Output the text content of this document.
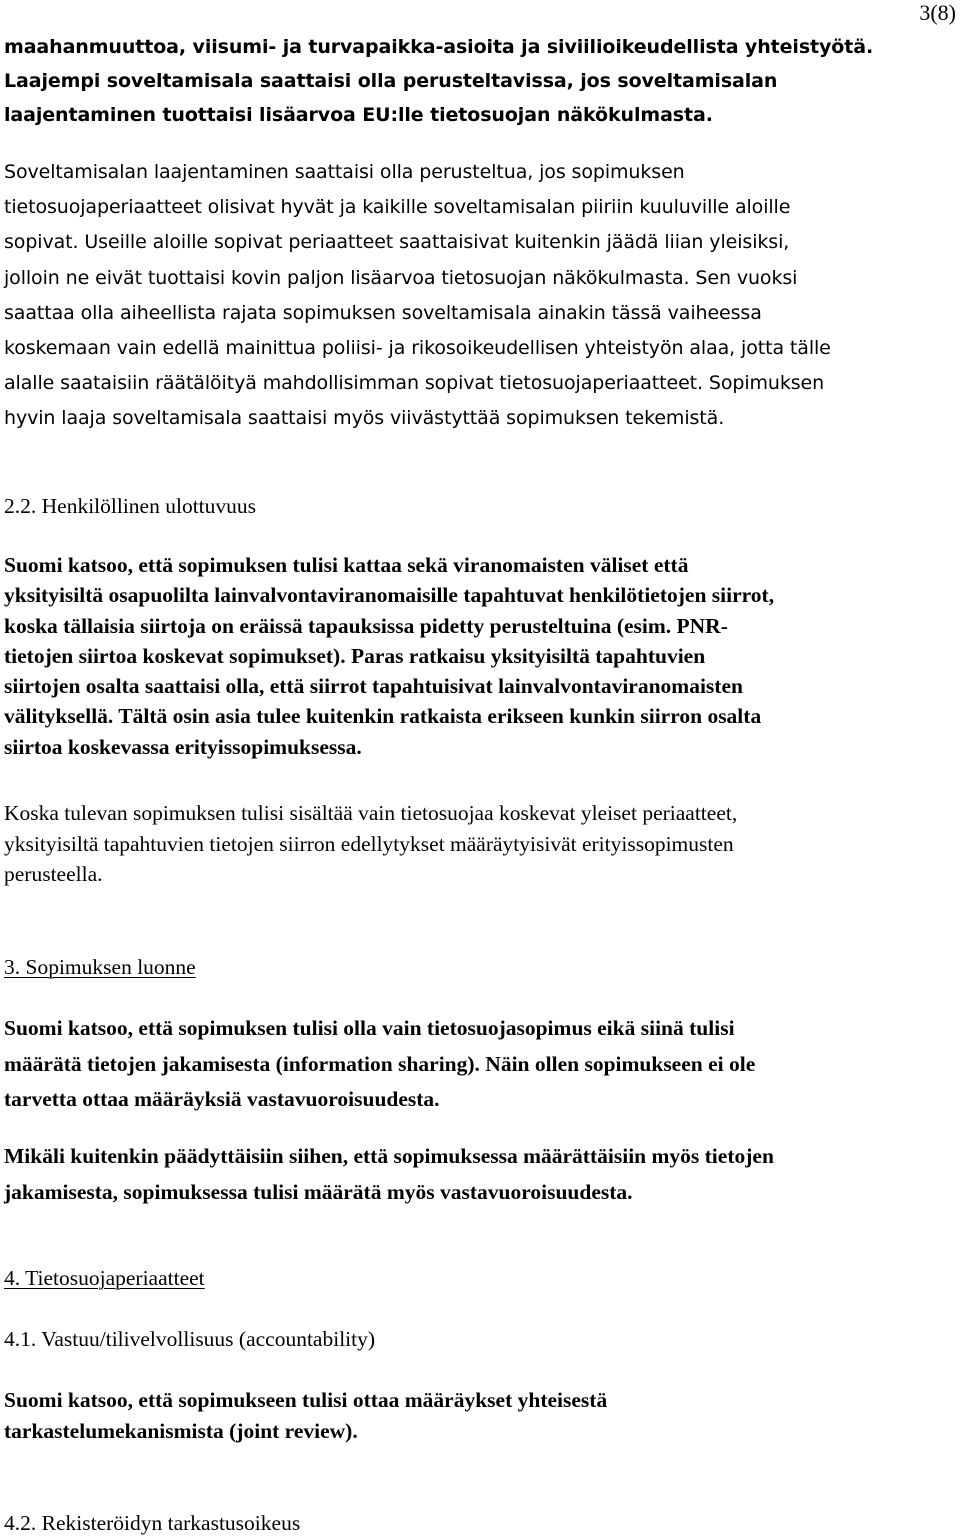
3(8)
maahanmuuttoa, viisumi- ja turvapaikka-asioita ja siviilioikeudellista yhteistyötä.
Laajempi soveltamisala saattaisi olla perusteltavissa, jos soveltamisalan
laajentaminen tuottaisi lisäarvoa EU:lle tietosuojan näkökulmasta.
Soveltamisalan laajentaminen saattaisi olla perusteltua, jos sopimuksen
tietosuojaperiaatteet olisivat hyvät ja kaikille soveltamisalan piiriin kuuluville aloille
sopivat. Useille aloille sopivat periaatteet saattaisivat kuitenkin jäädä liian yleisiksi,
jolloin ne eivät tuottaisi kovin paljon lisäarvoa tietosuojan näkökulmasta. Sen vuoksi
saattaa olla aiheellista rajata sopimuksen soveltamisala ainakin tässä vaiheessa
koskemaan vain edellä mainittua poliisi- ja rikosoikeudellisen yhteistyön alaa, jotta tälle
alalle saataisiin räätälöityä mahdollisimman sopivat tietosuojaperiaatteet. Sopimuksen
hyvin laaja soveltamisala saattaisi myös viivästyttää sopimuksen tekemistä.
2.2. Henkilöllinen ulottuvuus
Suomi katsoo, että sopimuksen tulisi kattaa sekä viranomaisten väliset että
yksityisiltä osapuolilta lainvalvontaviranomaisille tapahtuvat henkilötietojen siirrot,
koska tällaisia siirtoja on eräissä tapauksissa pidetty perusteltuina (esim. PNR-
tietojen siirtoa koskevat sopimukset). Paras ratkaisu yksityisiltä tapahtuvien
siirtojen osalta saattaisi olla, että siirrot tapahtuisivat lainvalvontaviranomaisten
välityksellä. Tältä osin asia tulee kuitenkin ratkaista erikseen kunkin siirron osalta
siirtoa koskevassa erityissopimuksessa.
Koska tulevan sopimuksen tulisi sisältää vain tietosuojaa koskevat yleiset periaatteet,
yksityisiltä tapahtuvien tietojen siirron edellytykset määräytyisivät erityissopimusten
perusteella.
3. Sopimuksen luonne
Suomi katsoo, että sopimuksen tulisi olla vain tietosuojasopimus eikä siinä tulisi
määrätä tietojen jakamisesta (information sharing). Näin ollen sopimukseen ei ole
tarvetta ottaa määräyksiä vastavuoroisuudesta.
Mikäli kuitenkin päädyttäisiin siihen, että sopimuksessa määrättäisiin myös tietojen
jakamisesta, sopimuksessa tulisi määrätä myös vastavuoroisuudesta.
4. Tietosuojaperiaatteet
4.1. Vastuu/tilivelvollisuus (accountability)
Suomi katsoo, että sopimukseen tulisi ottaa määräykset yhteisestä
tarkastelumekanismista (joint review).
4.2. Rekisteröidyn tarkastusoikeus
